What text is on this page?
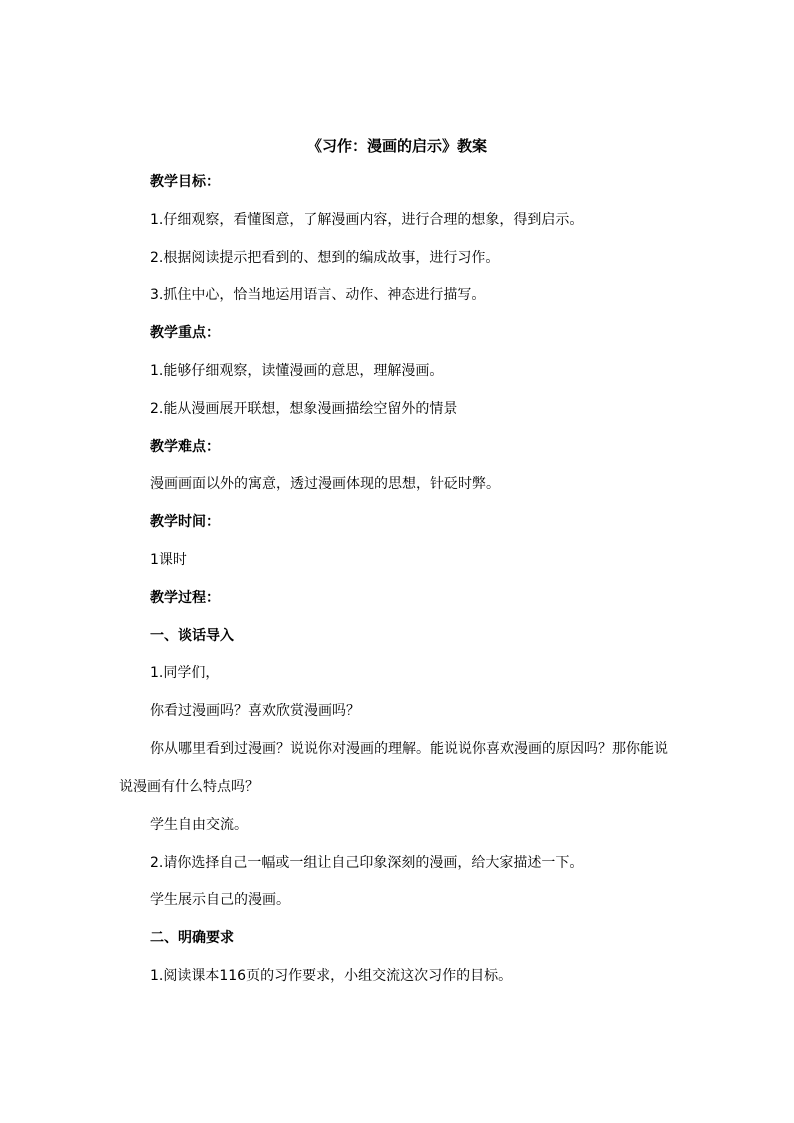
《习作：漫画的启示》教案
教学目标：
1.仔细观察，看懂图意，了解漫画内容，进行合理的想象，得到启示。
2.根据阅读提示把看到的、想到的编成故事，进行习作。
3.抓住中心，恰当地运用语言、动作、神态进行描写。
教学重点：
1.能够仔细观察，读懂漫画的意思，理解漫画。
2.能从漫画展开联想，想象漫画描绘空留外的情景
教学难点：
漫画画面以外的寓意，透过漫画体现的思想，针砭时弊。
教学时间：
1课时
教学过程：
一、谈话导入
1.同学们，
你看过漫画吗？喜欢欣赏漫画吗？
你从哪里看到过漫画？说说你对漫画的理解。能说说你喜欢漫画的原因吗？那你能说说漫画有什么特点吗？
学生自由交流。
2.请你选择自己一幅或一组让自己印象深刻的漫画，给大家描述一下。
学生展示自己的漫画。
二、明确要求
1.阅读课本116页的习作要求，小组交流这次习作的目标。
